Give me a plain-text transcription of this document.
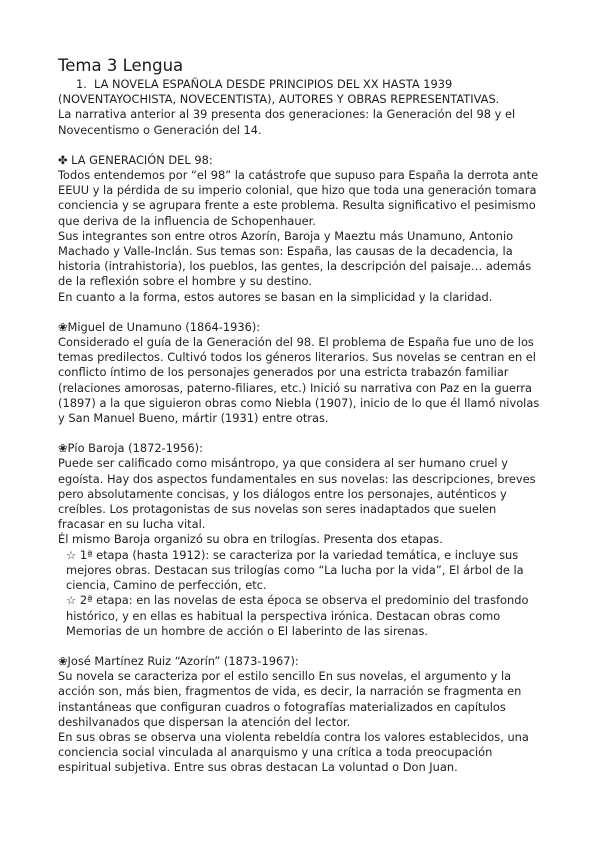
Tema 3 Lengua

1. LA NOVELA ESPAÑOLA DESDE PRINCIPIOS DEL XX HASTA 1939

(NOVENTAYOCHISTA, NOVECENTISTA), AUTORES Y OBRAS REPRESENTATIVAS.

La narrativa anterior al 39 presenta dos generaciones: la Generación del 98 y el Novecentismo o Generación del 14.

✤ LA GENERACIÓN DEL 98:

Todos entendemos por “el 98” la catástrofe que supuso para España la derrota ante EEUU y la pérdida de su imperio colonial, que hizo que toda una generación tomara conciencia y se agrupara frente a este problema. Resulta significativo el pesimismo que deriva de la influencia de Schopenhauer.

Sus integrantes son entre otros Azorín, Baroja y Maeztu más Unamuno, Antonio Machado y Valle-Inclán. Sus temas son: España, las causas de la decadencia, la historia (intrahistoria), los pueblos, las gentes, la descripción del paisaje… además de la reflexión sobre el hombre y su destino.

En cuanto a la forma, estos autores se basan en la simplicidad y la claridad.

❀Miguel de Unamuno (1864-1936):

Considerado el guía de la Generación del 98. El problema de España fue uno de los temas predilectos. Cultivó todos los géneros literarios. Sus novelas se centran en el conflicto íntimo de los personajes generados por una estricta trabazón familiar (relaciones amorosas, paterno-filiares, etc.) Inició su narrativa con Paz en la guerra (1897) a la que siguieron obras como Niebla (1907), inicio de lo que él llamó nivolas y San Manuel Bueno, mártir (1931) entre otras.

❀Pío Baroja (1872-1956):

Puede ser calificado como misántropo, ya que considera al ser humano cruel y egoísta. Hay dos aspectos fundamentales en sus novelas: las descripciones, breves pero absolutamente concisas, y los diálogos entre los personajes, auténticos y creíbles. Los protagonistas de sus novelas son seres inadaptados que suelen fracasar en su lucha vital.

Él mismo Baroja organizó su obra en trilogías. Presenta dos etapas.

☆ 1ª etapa (hasta 1912): se caracteriza por la variedad temática, e incluye sus mejores obras. Destacan sus trilogías como “La lucha por la vida”, El árbol de la ciencia, Camino de perfección, etc.

☆ 2ª etapa: en las novelas de esta época se observa el predominio del trasfondo histórico, y en ellas es habitual la perspectiva irónica. Destacan obras como Memorias de un hombre de acción o El laberinto de las sirenas.

❀José Martínez Ruiz “Azorín” (1873-1967):

Su novela se caracteriza por el estilo sencillo En sus novelas, el argumento y la acción son, más bien, fragmentos de vida, es decir, la narración se fragmenta en instantáneas que configuran cuadros o fotografías materializados en capítulos deshilvanados que dispersan la atención del lector.

En sus obras se observa una violenta rebeldía contra los valores establecidos, una conciencia social vinculada al anarquismo y una crítica a toda preocupación espiritual subjetiva. Entre sus obras destacan La voluntad o Don Juan.
